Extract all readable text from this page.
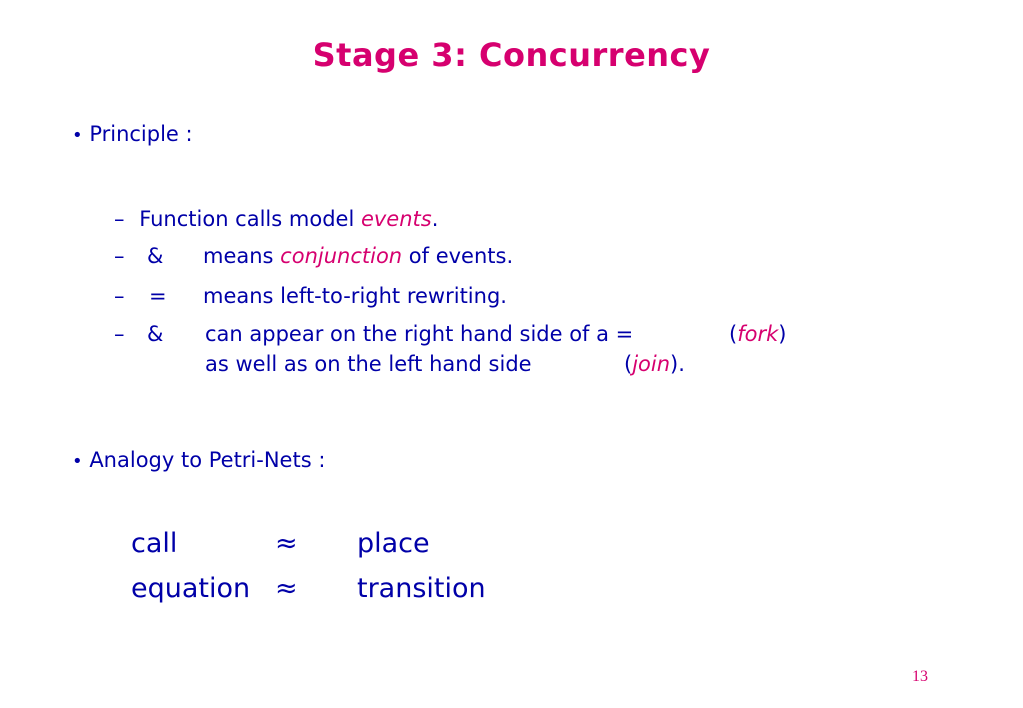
Stage 3: Concurrency
• Principle :
– Function calls model events.
– & means conjunction of events.
– = means left-to-right rewriting.
– & can appear on the right hand side of a =	(fork)
as well as on the left hand side	(join).
• Analogy to Petri-Nets :
call	≈ place
equation ≈ transition
13
